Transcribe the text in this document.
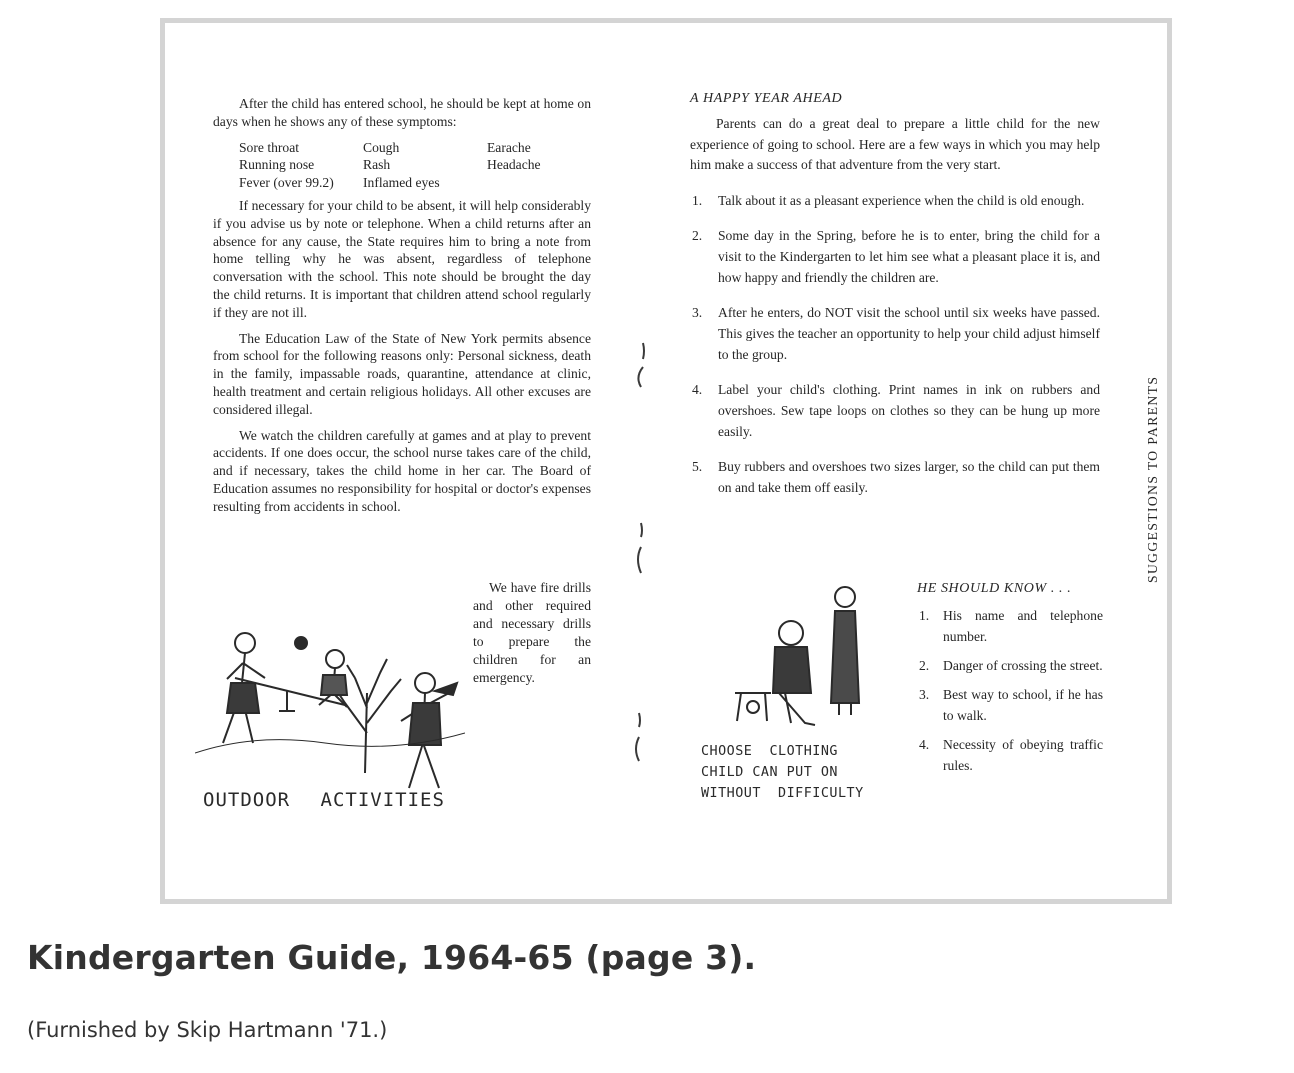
After the child has entered school, he should be kept at home on days when he shows any of these symptoms:

Sore throat	Cough	Earache
Running nose	Rash	Headache
Fever (over 99.2)	Inflamed eyes

If necessary for your child to be absent, it will help considerably if you advise us by note or telephone. When a child returns after an absence for any cause, the State requires him to bring a note from home telling why he was absent, regardless of telephone conversation with the school. This note should be brought the day the child returns. It is important that children attend school regularly if they are not ill.

The Education Law of the State of New York permits absence from school for the following reasons only: Personal sickness, death in the family, impassable roads, quarantine, attendance at clinic, health treatment and certain religious holidays. All other excuses are considered illegal.

We watch the children carefully at games and at play to prevent accidents. If one does occur, the school nurse takes care of the child, and if necessary, takes the child home in her car. The Board of Education assumes no responsibility for hospital or doctor's expenses resulting from accidents in school.

We have fire drills and other required and necessary drills to prepare the children for an emergency.
OUTDOOR ACTIVITIES
A HAPPY YEAR AHEAD

Parents can do a great deal to prepare a little child for the new experience of going to school. Here are a few ways in which you may help him make a success of that adventure from the very start.

1. Talk about it as a pleasant experience when the child is old enough.
2. Some day in the Spring, before he is to enter, bring the child for a visit to the Kindergarten to let him see what a pleasant place it is, and how happy and friendly the children are.
3. After he enters, do NOT visit the school until six weeks have passed. This gives the teacher an opportunity to help your child adjust himself to the group.
4. Label your child's clothing. Print names in ink on rubbers and overshoes. Sew tape loops on clothes so they can be hung up more easily.
5. Buy rubbers and overshoes two sizes larger, so the child can put them on and take them off easily.
CHOOSE  CLOTHING
CHILD CAN PUT ON
WITHOUT  DIFFICULTY
HE SHOULD KNOW . . .
1. His name and telephone number.
2. Danger of crossing the street.
3. Best way to school, if he has to walk.
4. Necessity of obeying traffic rules.
SUGGESTIONS TO PARENTS
Kindergarten Guide, 1964-65 (page 3).
(Furnished by Skip Hartmann '71.)
